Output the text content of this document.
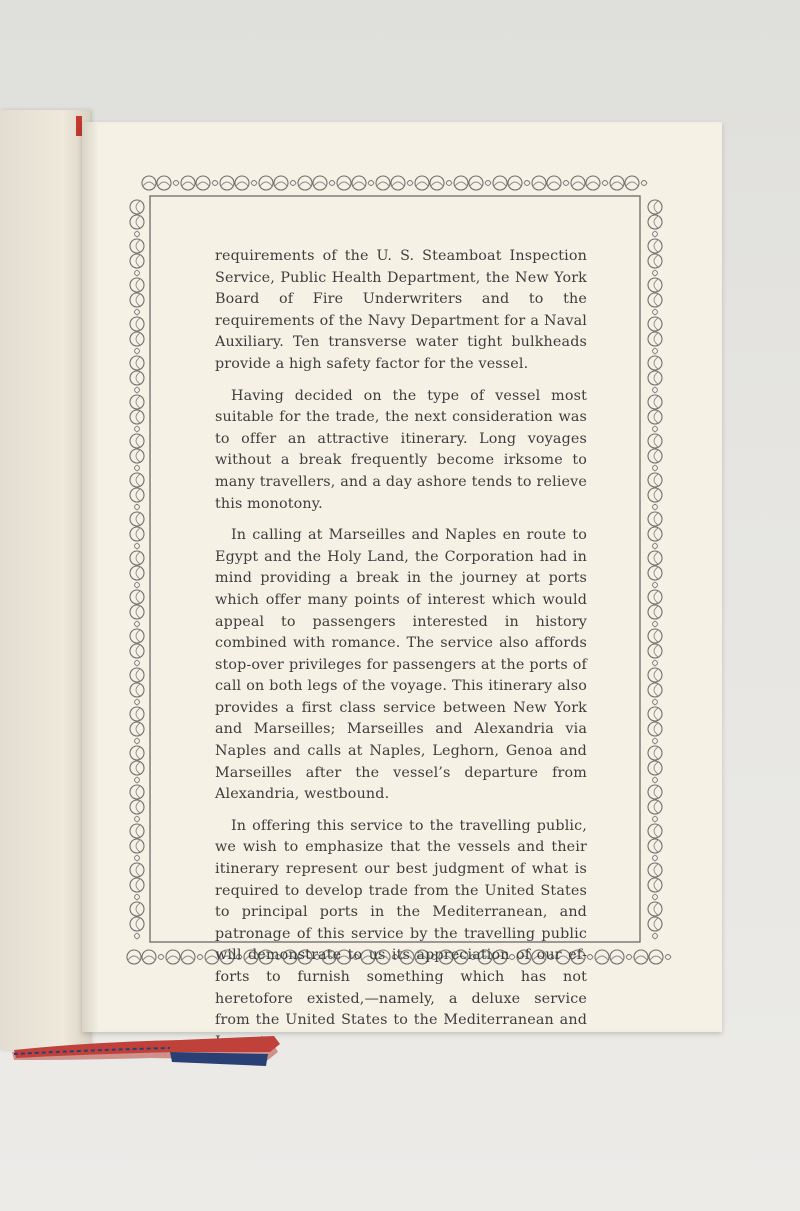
requirements of the U. S. Steamboat Inspection Service, Public Health Department, the New York Board of Fire Underwriters and to the requirements of the Navy Department for a Naval Auxiliary. Ten transverse water tight bulkheads provide a high safety factor for the vessel.

Having decided on the type of vessel most suitable for the trade, the next consideration was to offer an attractive itinerary. Long voyages without a break frequently become irksome to many travellers, and a day ashore tends to relieve this monotony.

In calling at Marseilles and Naples en route to Egypt and the Holy Land, the Corporation had in mind providing a break in the journey at ports which offer many points of interest which would appeal to passengers interested in history combined with romance. The service also affords stop-over privileges for passengers at the ports of call on both legs of the voyage. This itinerary also provides a first class service between New York and Marseilles; Marseilles and Alexandria via Naples and calls at Naples, Leghorn, Genoa and Marseilles after the vessel’s departure from Alexandria, westbound.

In offering this service to the travelling public, we wish to emphasize that the vessels and their itinerary represent our best judgment of what is required to develop trade from the United States to principal ports in the Mediterranean, and patronage of this service by the travelling public will demonstrate to us its appreciation of our efforts to furnish something which has not heretofore existed,—namely, a deluxe service from the United States to the Mediterranean and
